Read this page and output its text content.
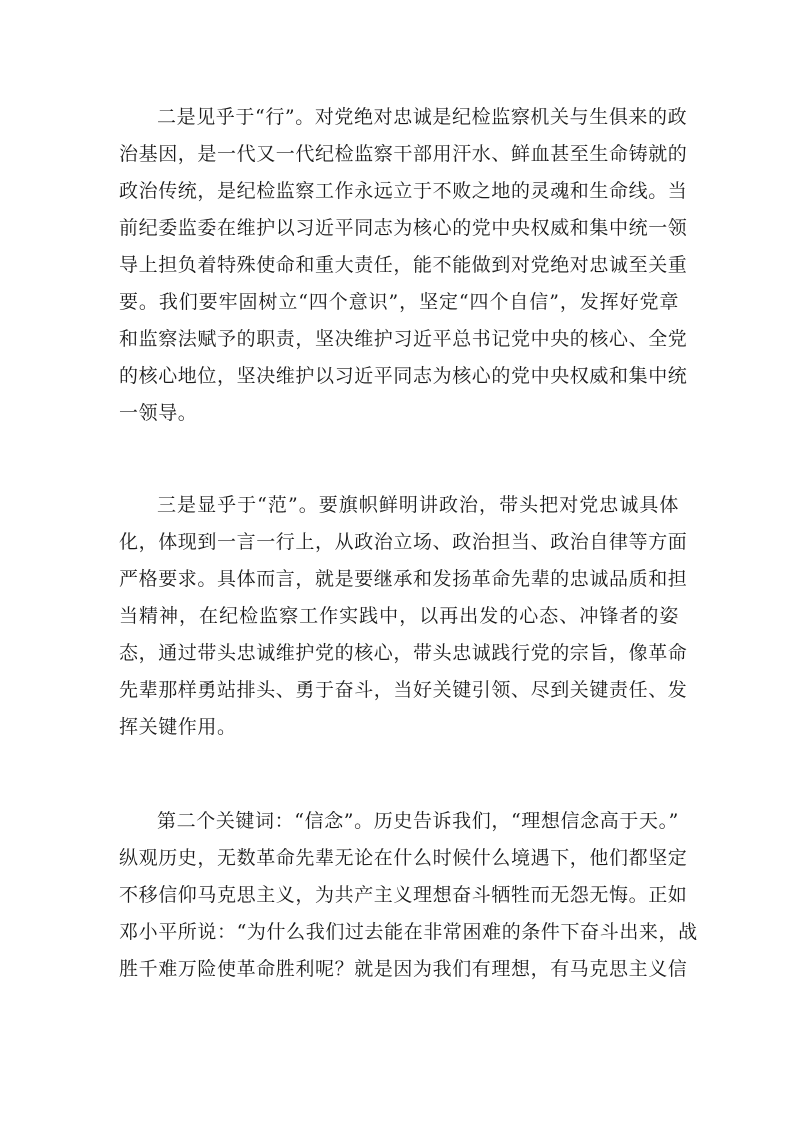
二是见乎于“行”。对党绝对忠诚是纪检监察机关与生俱来的政
治基因，是一代又一代纪检监察干部用汗水、鲜血甚至生命铸就的
政治传统，是纪检监察工作永远立于不败之地的灵魂和生命线。当
前纪委监委在维护以习近平同志为核心的党中央权威和集中统一领
导上担负着特殊使命和重大责任，能不能做到对党绝对忠诚至关重
要。我们要牢固树立“四个意识”，坚定“四个自信”，发挥好党章
和监察法赋予的职责，坚决维护习近平总书记党中央的核心、全党
的核心地位，坚决维护以习近平同志为核心的党中央权威和集中统
一领导。
三是显乎于“范”。要旗帜鲜明讲政治，带头把对党忠诚具体
化，体现到一言一行上，从政治立场、政治担当、政治自律等方面
严格要求。具体而言，就是要继承和发扬革命先辈的忠诚品质和担
当精神，在纪检监察工作实践中，以再出发的心态、冲锋者的姿
态，通过带头忠诚维护党的核心，带头忠诚践行党的宗旨，像革命
先辈那样勇站排头、勇于奋斗，当好关键引领、尽到关键责任、发
挥关键作用。
第二个关键词：“信念”。历史告诉我们，“理想信念高于天。”
纵观历史，无数革命先辈无论在什么时候什么境遇下，他们都坚定
不移信仰马克思主义，为共产主义理想奋斗牺牲而无怨无悔。正如
邓小平所说：“为什么我们过去能在非常困难的条件下奋斗出来，战
胜千难万险使革命胜利呢？就是因为我们有理想，有马克思主义信
